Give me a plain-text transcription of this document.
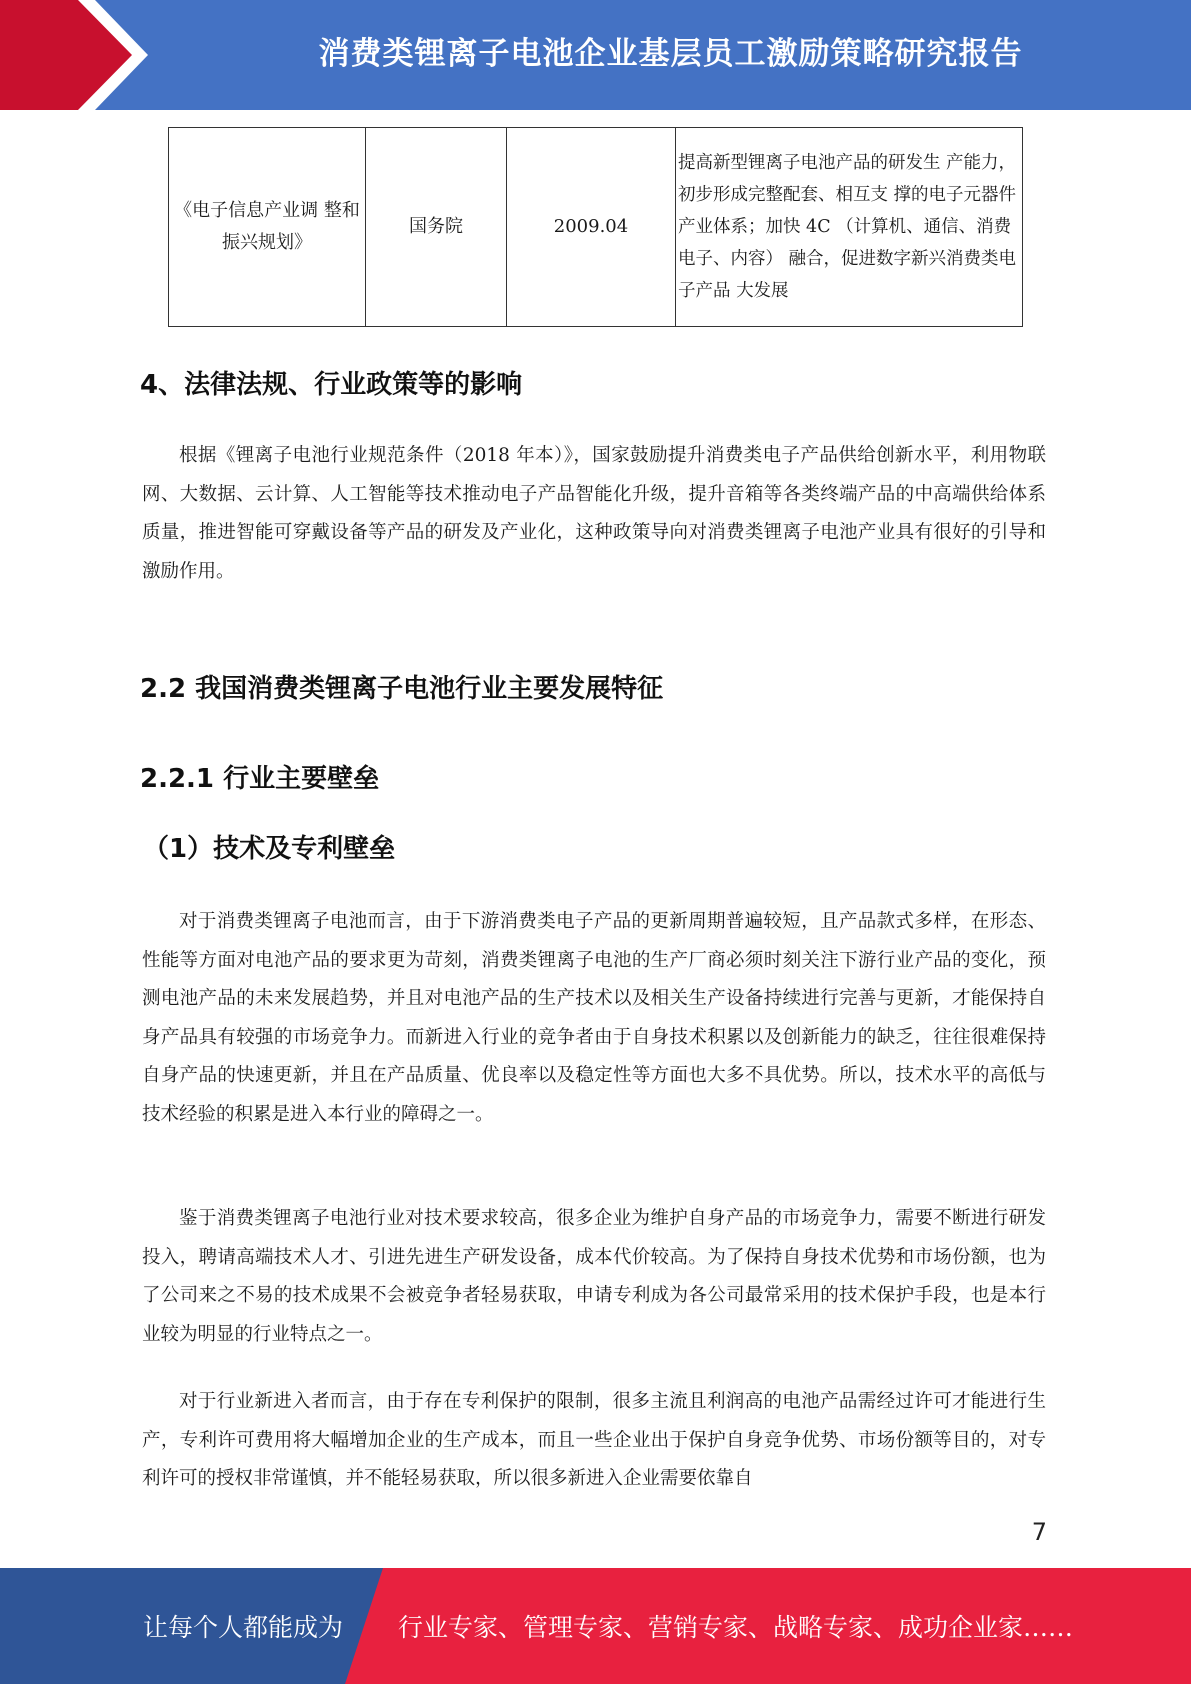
消费类锂离子电池企业基层员工激励策略研究报告
《电子信息产业调 整和振兴规划》	国务院	2009.04	提高新型锂离子电池产品的研发生 产能力，初步形成完整配套、相互支 撑的电子元器件产业体系；加快 4C （计算机、通信、消费电子、内容） 融合，促进数字新兴消费类电子产品 大发展
4、法律法规、行业政策等的影响

根据《锂离子电池行业规范条件（2018 年本）》，国家鼓励提升消费类电子产品供给创新水平，利用物联网、大数据、云计算、人工智能等技术推动电子产品智能化升级，提升音箱等各类终端产品的中高端供给体系质量，推进智能可穿戴设备等产品的研发及产业化，这种政策导向对消费类锂离子电池产业具有很好的引导和激励作用。

2.2 我国消费类锂离子电池行业主要发展特征
2.2.1 行业主要壁垒
（1）技术及专利壁垒

对于消费类锂离子电池而言，由于下游消费类电子产品的更新周期普遍较短，且产品款式多样，在形态、性能等方面对电池产品的要求更为苛刻，消费类锂离子电池的生产厂商必须时刻关注下游行业产品的变化，预测电池产品的未来发展趋势，并且对电池产品的生产技术以及相关生产设备持续进行完善与更新，才能保持自身产品具有较强的市场竞争力。而新进入行业的竞争者由于自身技术积累以及创新能力的缺乏，往往很难保持自身产品的快速更新，并且在产品质量、优良率以及稳定性等方面也大多不具优势。所以，技术水平的高低与技术经验的积累是进入本行业的障碍之一。

鉴于消费类锂离子电池行业对技术要求较高，很多企业为维护自身产品的市场竞争力，需要不断进行研发投入，聘请高端技术人才、引进先进生产研发设备，成本代价较高。为了保持自身技术优势和市场份额，也为了公司来之不易的技术成果不会被竞争者轻易获取，申请专利成为各公司最常采用的技术保护手段，也是本行业较为明显的行业特点之一。

对于行业新进入者而言，由于存在专利保护的限制，很多主流且利润高的电池产品需经过许可才能进行生产，专利许可费用将大幅增加企业的生产成本，而且一些企业出于保护自身竞争优势、市场份额等目的，对专利许可的授权非常谨慎，并不能轻易获取，所以很多新进入企业需要依靠自

7
让每个人都能成为 行业专家、管理专家、营销专家、战略专家、成功企业家……
